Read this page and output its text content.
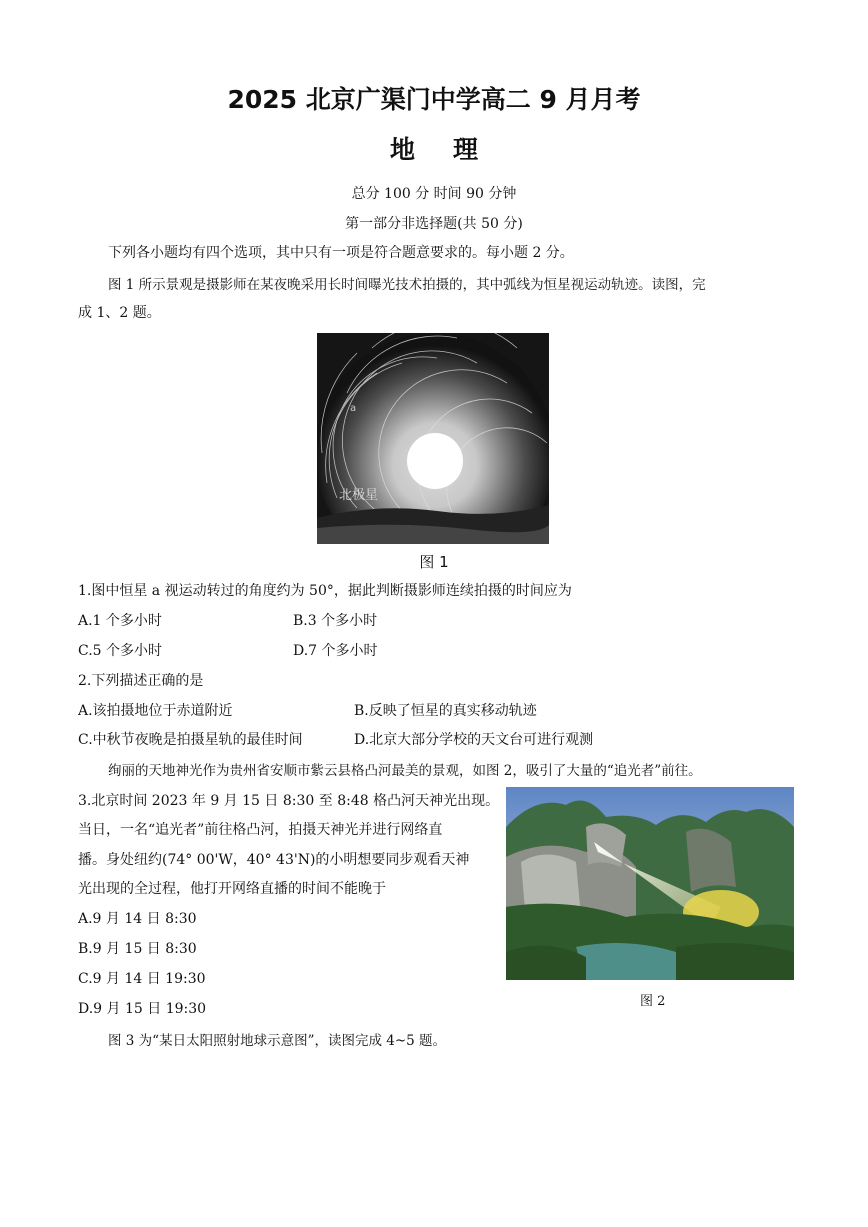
2025 北京广渠门中学高二 9 月月考
地理
总分 100 分 时间 90 分钟
第一部分非选择题(共 50 分)
下列各小题均有四个选项，其中只有一项是符合题意要求的。每小题 2 分。
图 1 所示景观是摄影师在某夜晚采用长时间曝光技术拍摄的，其中弧线为恒星视运动轨迹。读图，完
成 1、2 题。
a
北极星
图 1
1.图中恒星 a 视运动转过的角度约为 50°，据此判断摄影师连续拍摄的时间应为
A.1 个多小时	B.3 个多小时
C.5 个多小时	D.7 个多小时
2.下列描述正确的是
A.该拍摄地位于赤道附近	B.反映了恒星的真实移动轨迹
C.中秋节夜晚是拍摄星轨的最佳时间	D.北京大部分学校的天文台可进行观测
绚丽的天地神光作为贵州省安顺市紫云县格凸河最美的景观，如图 2，吸引了大量的“追光者”前往。
3.北京时间 2023 年 9 月 15 日 8:30 至 8:48 格凸河天神光出现。
当日，一名“追光者”前往格凸河，拍摄天神光并进行网络直
播。身处纽约(74° 00'W，40° 43'N)的小明想要同步观看天神
光出现的全过程，他打开网络直播的时间不能晚于
A.9 月 14 日 8:30
B.9 月 15 日 8:30
C.9 月 14 日 19:30
D.9 月 15 日 19:30	图 2
图 3 为“某日太阳照射地球示意图”，读图完成 4~5 题。
